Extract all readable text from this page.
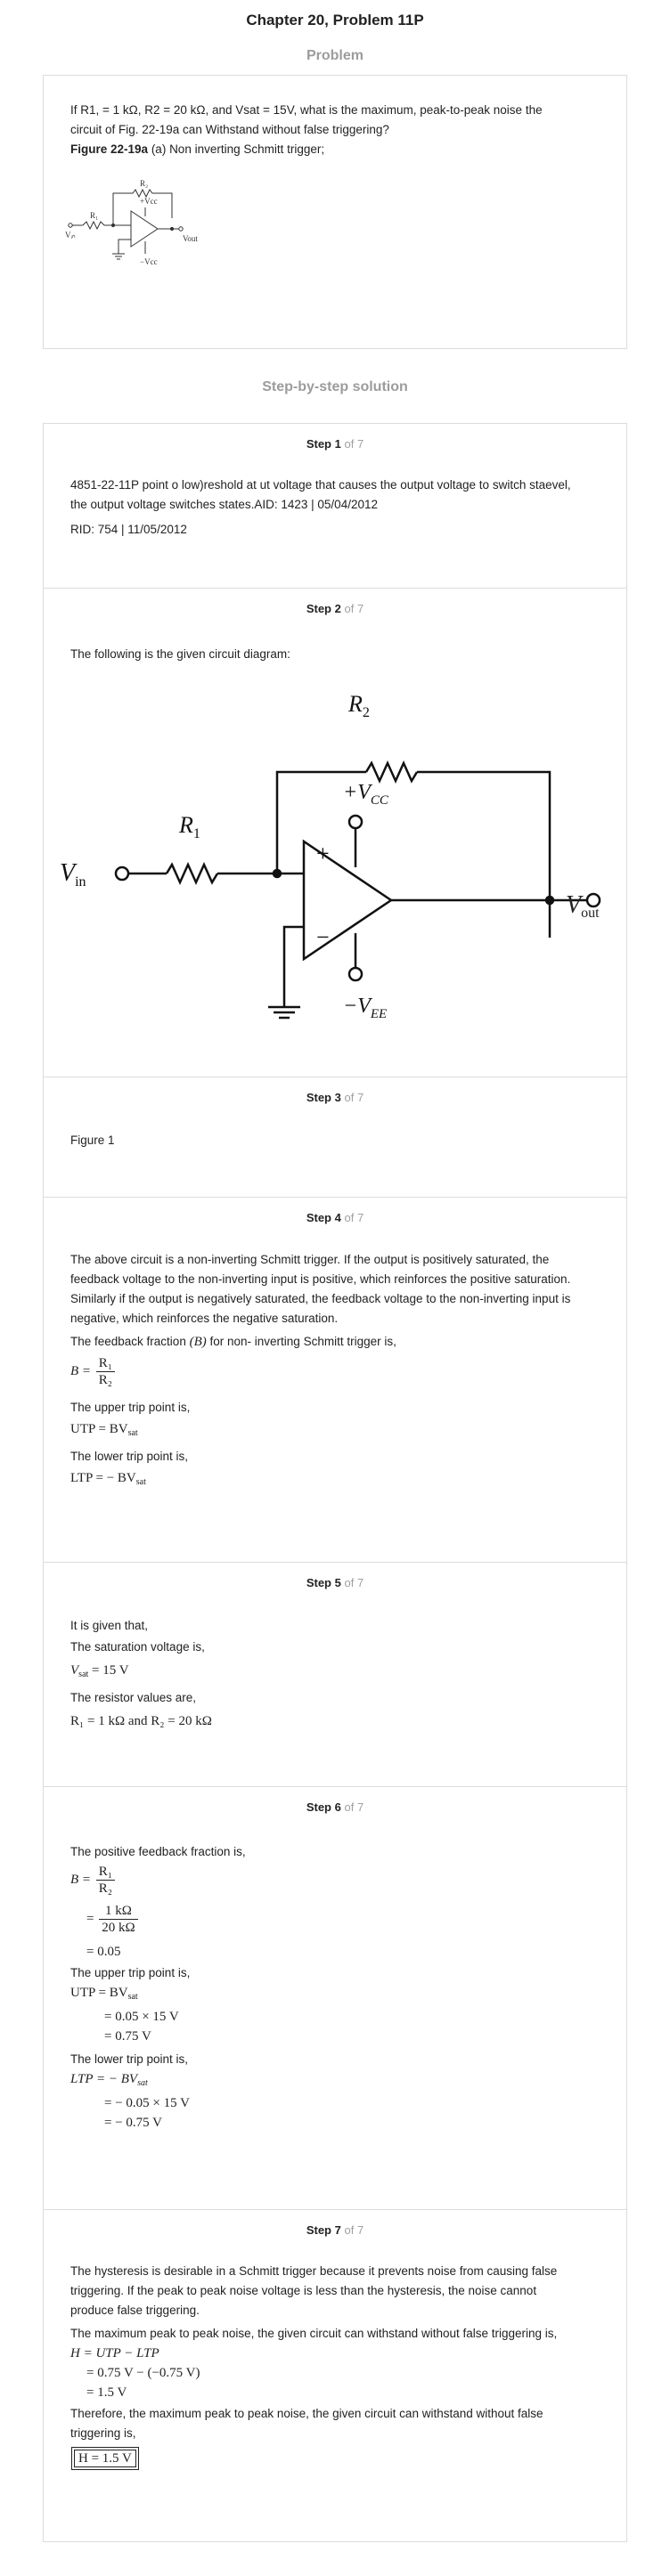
Chapter 20, Problem 11P
Problem

If R1, = 1 kΩ, R2 = 20 kΩ, and Vsat = 15V, what is the maximum, peak-to-peak noise the

circuit of Fig. 22-19a can Withstand without false triggering?

Figure 22-19a (a) Non inverting Schmitt trigger;

R₂
R₁
+Vcc
−Vcc
Vᵢₙ	Vout
Step-by-step solution
Step 1 of 7

4851-22-11P point o low)reshold at ut voltage that causes the output voltage to switch staevel,

the output voltage switches states.AID: 1423 | 05/04/2012

RID: 754 | 11/05/2012

Step 2 of 7

The following is the given circuit diagram:

+
−
$R_2$
$R_1$
$+V_{CC}$
$-V_{EE}$
$V_{in}$
Vout
Step 3 of 7

Figure 1

Step 4 of 7

The above circuit is a non-inverting Schmitt trigger. If the output is positively saturated, the

feedback voltage to the non-inverting input is positive, which reinforces the positive saturation.

Similarly if the output is negatively saturated, the feedback voltage to the non-inverting input is

negative, which reinforces the negative saturation.

The feedback fraction (B) for non- inverting Schmitt trigger is,

$B = \frac{\text{R₁}}{\text{R₂}}$

The upper trip point is,

UTP = $BV_{sat}$

The lower trip point is,

LTP = − $BV_{sat}$
Step 5 of 7

It is given that,

The saturation voltage is,

$V_{sat} = 15$ V

The resistor values are,

R₁ = 1 kΩ and R₂ = 20 kΩ
Step 6 of 7

The positive feedback fraction is,

$B = \frac{\text{R₁}}{\text{R₂}}$
= $\frac{1 k\Omega}{20 k\Omega}$
= 0.05

The upper trip point is,

UTP = $BV_{sat}$
= 0.05 × 15 V
= 0.75 V

The lower trip point is,

LTP = − $BV_{sat}$
= − 0.05 × 15 V
= − 0.75 V
Step 7 of 7

The hysteresis is desirable in a Schmitt trigger because it prevents noise from causing false

triggering. If the peak to peak noise voltage is less than the hysteresis, the noise cannot

produce false triggering.

The maximum peak to peak noise, the given circuit can withstand without false triggering is,

H = UTP − LTP
= 0.75 V − (−0.75 V)
= 1.5 V

Therefore, the maximum peak to peak noise, the given circuit can withstand without false

triggering is,

H = 1.5 V
